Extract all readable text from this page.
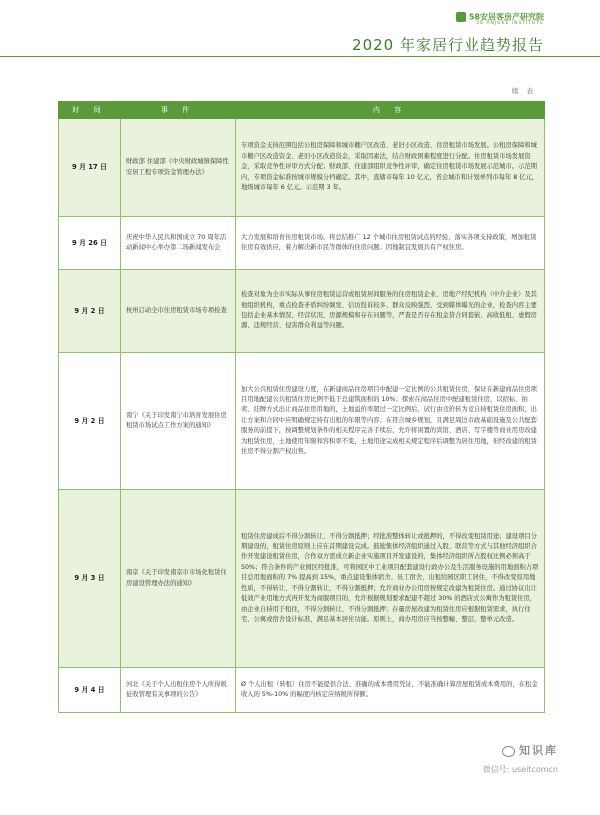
58安居客房产研究院
58 ANJUKE INSTITUTE
2020 年家居行业趋势报告
续 表
时 间	事 件	内 容
9 月 17 日	财政部 住建部《中央财政城镇保障性安居工程专项资金管理办法》	专项资金支持范围包括公租房保障和城市棚户区改造、老旧小区改造、住房租赁市场发展。公租房保障和城市棚户区改造资金、老旧小区改造资金，采取因素法，结合财政困难程度进行分配。住房租赁市场发展资金，采取竞争性评审方式分配；财政部、住建部组织竞争性评审，确定住房租赁市场发展示范城市。示范期内，专项资金标准按城市规模分档确定。其中，直辖市每年 10 亿元，省会城市和计划单列市每年 8 亿元，地级城市每年 6 亿元。示范期 3 年。
9 月 26 日	庆祝中华人民共和国成立 70 周年活动新闻中心举办第二场新闻发布会	大力发展和培育住房租赁市场。将总结推广 12 个城市住房租赁试点的经验，落实各项支持政策，增加租赁住房有效供应，着力解决新市民等群体的住房问题；因地制宜发展共有产权住房。
9 月 2 日	杭州启动全市住房租赁市场专项检查	检查对象为全市实际从事住房租赁运营或租赁居间服务的住房租赁企业、房地产经纪机构（中介企业）及其他组织机构，重点检查矛盾纠纷频发、信访投诉较多、群众反映强烈、受到媒体曝光的企业，检查内容主要包括企业基本情况、经营状况、房源规模和存在问题等，严查是否存在租金贷合同套嵌、高收低租、虚假房源、违规经营、侵害群众利益等问题。
9 月 2 日	南宁《关于印发南宁市培育发展住房租赁市场试点工作方案的通知》	加大公共租赁住房建设力度，在新建商品住房项目中配建一定比例的公共租赁住房，保证在新建商品住房项目用地配建公共租赁住房比例不低于总建筑面积的 10%；探索在商品住房中配建租赁住房，以招标、拍卖、挂牌方式出让商品住房用地的，土地溢价率超过一定比例后，试行由竞价转为竞自持租赁住房面积，出让方案和合同中应明确规定持有出租的年限等内容；在符合城乡规划，且满足周边市政基础设施及公共配套服务的前提下，按调整规划条件的相关程序完善手续后，允许将闲置的宾馆、酒店、写字楼等商业用房改建为租赁住房，土地使用年限和容积率不变，土地用途完成相关规定程序后调整为居住用地，但经改建的租赁住房不得分割产权出售。
9 月 3 日	南京《关于印发南京市市场化租赁住房建设管理办法的通知》	租赁住房建成后不得分割转让、不得分割抵押；经批准整体转让或抵押的，不得改变租赁用途；建设项目分期建设的，租赁住房原则上应在首期建设完成。鼓励集体经济组织通过入股、联营等方式与其他经济组织合作开发建设租赁住房，合作双方需成立新企业实施项目开发建设的，集体经济组织所占股权比例必须高于 50%；符合条件的产业园区经批准，可将园区中工业项目配套建设行政办公及生活服务设施的用地面积占项目总用地面积的 7% 提高到 15%，重点建设集体宿舍、员工宿舍，出租给园区职工居住，不得改变原用地性质，不得转让、不得分割转让、不得分割抵押；允许商业办公用房按规定改建为租赁住房。通过协议出让低效产业用地方式再开发为商服项目的，允许根据规划要求配建不超过 30% 的酒店式公寓作为租赁住房，由企业自持用于租住，不得分割转让、不得分割抵押；存量房屋改建为租赁住房应根据租赁需求，执行住宅、公寓或宿舍设计标准，满足基本居住功能。原则上，商办用房应当按整幢、整层、整单元改造。
9 月 4 日	河北《关于个人出租住房个人所得税征收管理有关事项的公告》	Ø 个人出租（转租）住房不能提供合法、准确的成本费用凭证，不能准确计算房屋租赁成本费用的，在租金收入的 5%-10% 的幅度内核定应纳税所得额。
知识库
微信号: useitcomcn
